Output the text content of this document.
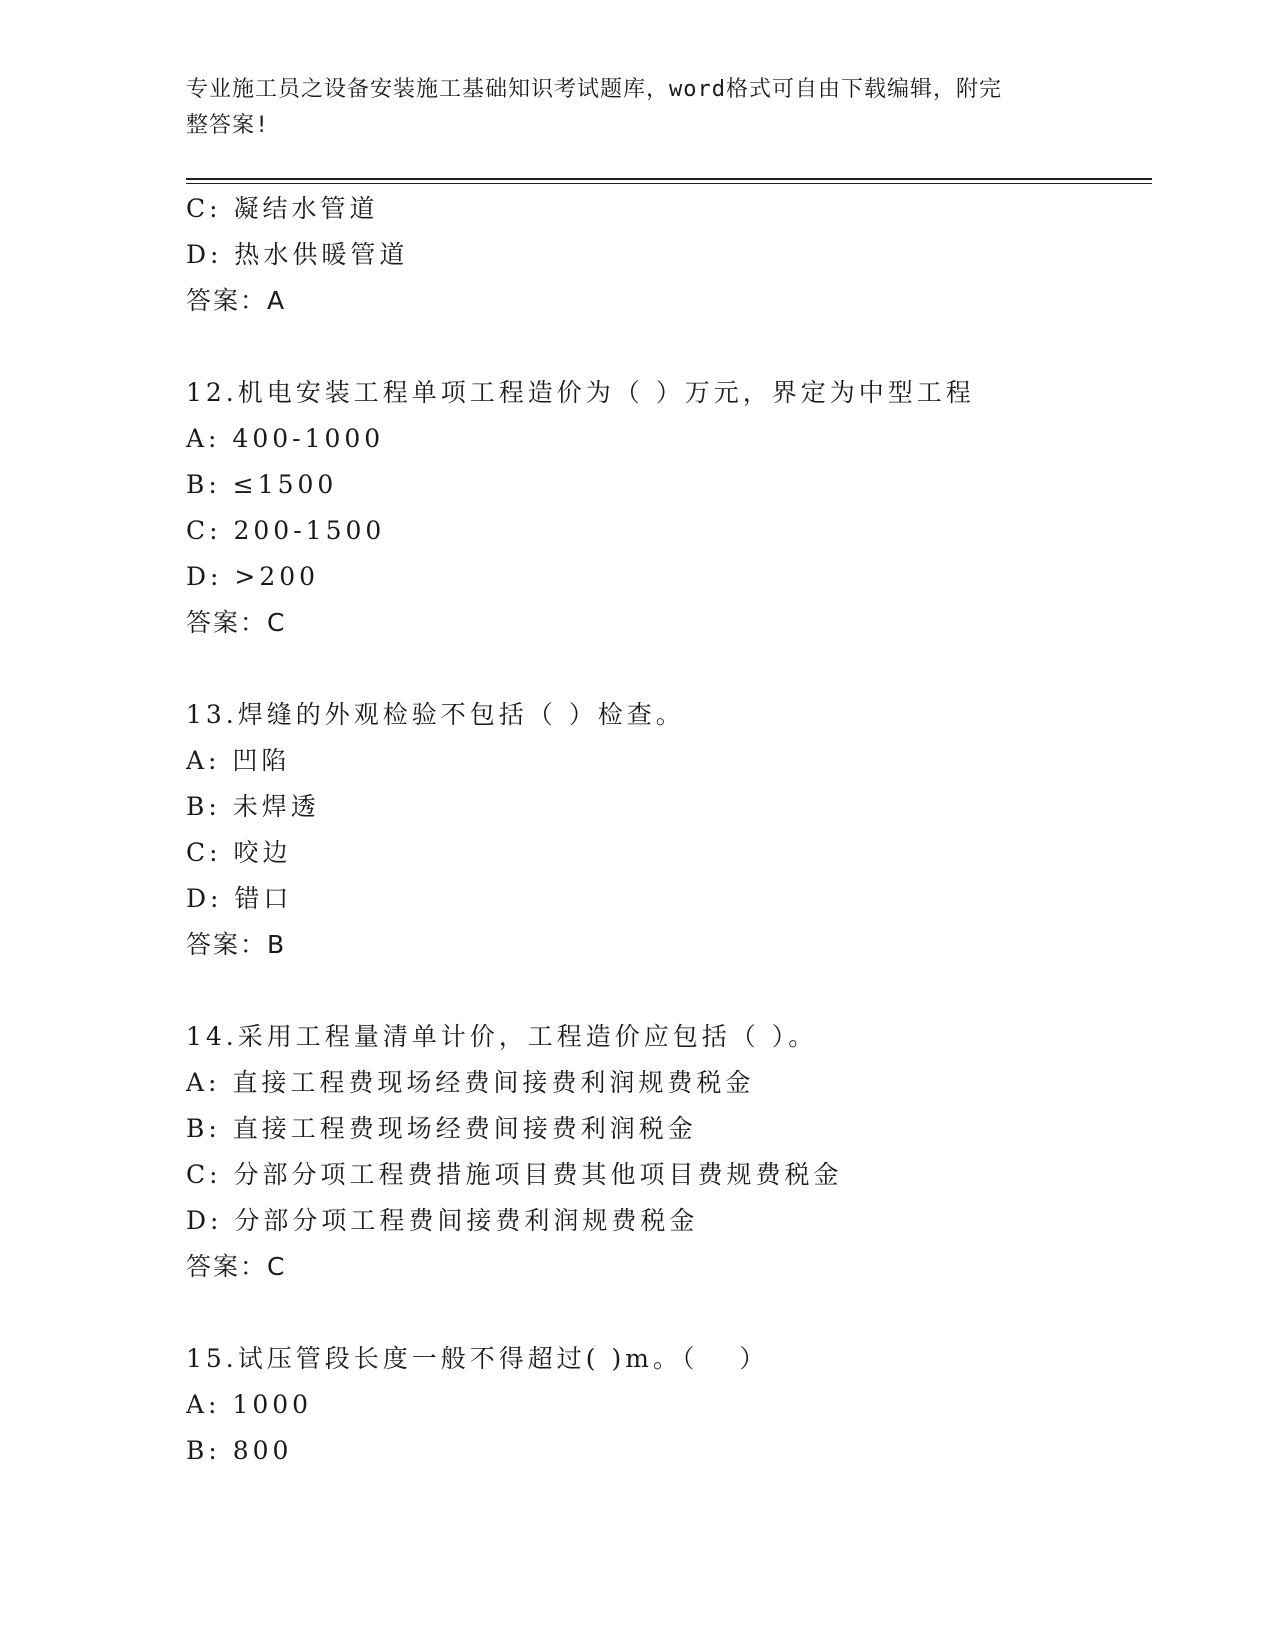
专业施工员之设备安装施工基础知识考试题库，word格式可自由下载编辑，附完
整答案!
C: 凝结水管道
D: 热水供暖管道
答案：A
12.机电安装工程单项工程造价为（ ）万元，界定为中型工程
A: 400-1000
B: ≤1500
C: 200-1500
D: >200
答案：C
13.焊缝的外观检验不包括（ ）检查。
A: 凹陷
B: 未焊透
C: 咬边
D: 错口
答案：B
14.采用工程量清单计价，工程造价应包括（ ）。
A: 直接工程费现场经费间接费利润规费税金
B: 直接工程费现场经费间接费利润税金
C: 分部分项工程费措施项目费其他项目费规费税金
D: 分部分项工程费间接费利润规费税金
答案：C
15.试压管段长度一般不得超过( )m。（　 ）
A: 1000
B: 800
